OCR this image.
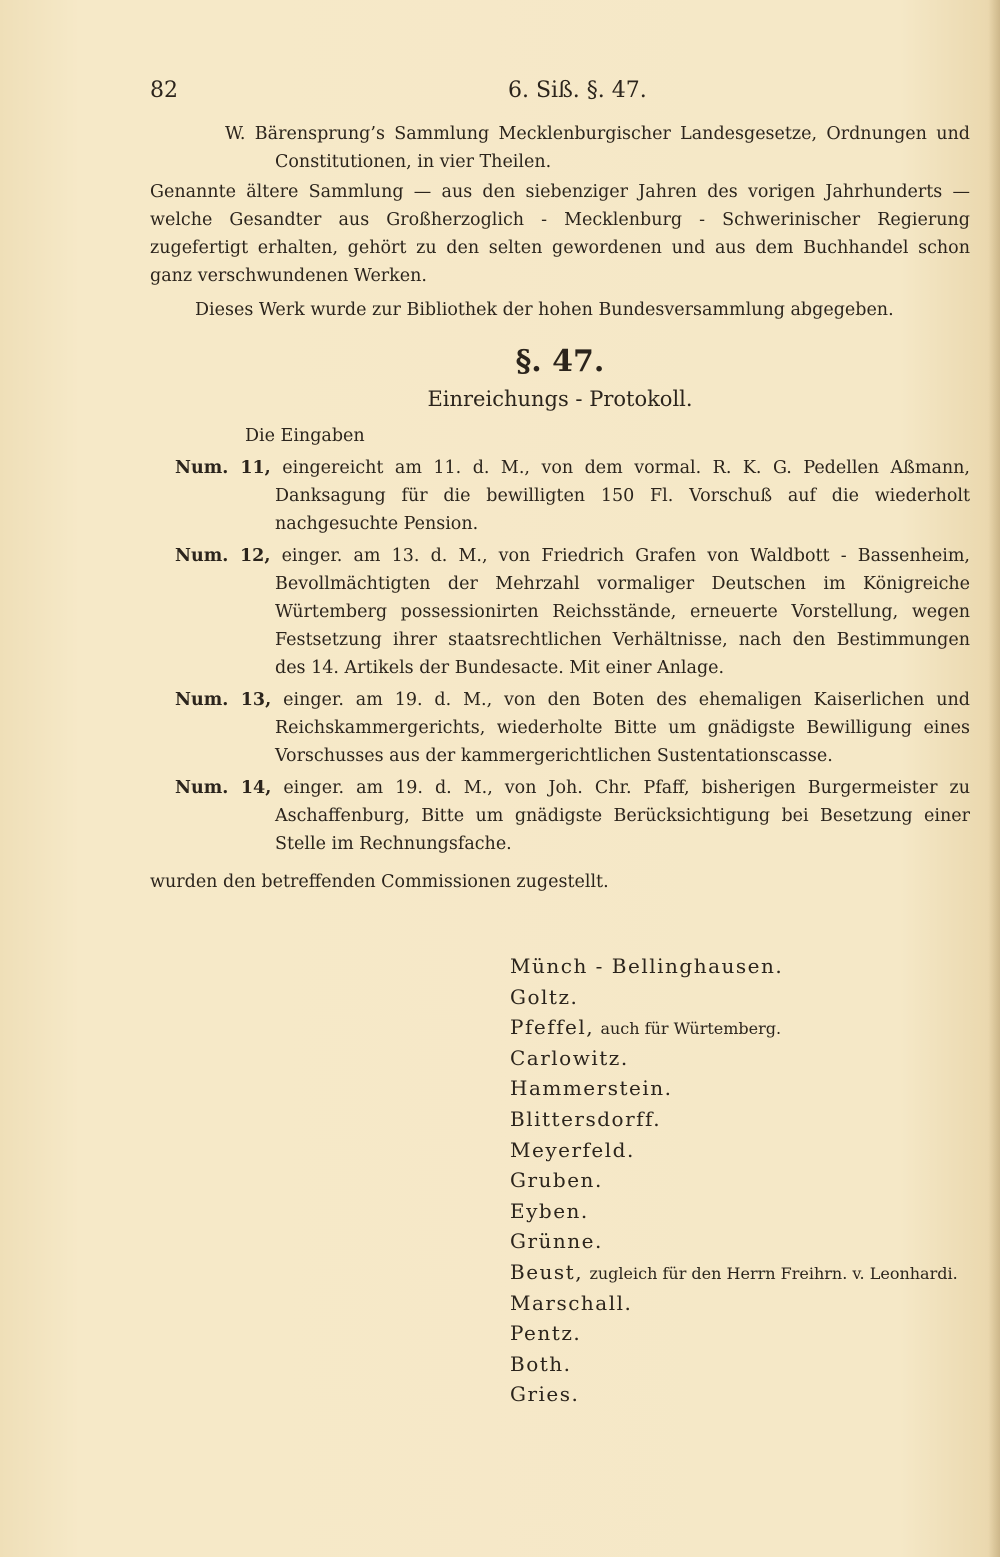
82	6. Siß. §. 47.

W. Bärensprung’s Sammlung Mecklenburgischer Landesgesetze, Ordnungen und Constitutionen, in vier Theilen.

Genannte ältere Sammlung — aus den siebenziger Jahren des vorigen Jahrhunderts — welche Gesandter aus Großherzoglich - Mecklenburg - Schwerinischer Regierung zugefertigt erhalten, gehört zu den selten gewordenen und aus dem Buchhandel schon ganz verschwundenen Werken.

Dieses Werk wurde zur Bibliothek der hohen Bundesversammlung abgegeben.

§. 47.
Einreichungs - Protokoll.

Die Eingaben

Num. 11, eingereicht am 11. d. M., von dem vormal. R. K. G. Pedellen Aßmann, Danksagung für die bewilligten 150 Fl. Vorschuß auf die wiederholt nachgesuchte Pension.

Num. 12, einger. am 13. d. M., von Friedrich Grafen von Waldbott - Bassenheim, Bevollmächtigten der Mehrzahl vormaliger Deutschen im Königreiche Würtemberg possessionirten Reichsstände, erneuerte Vorstellung, wegen Festsetzung ihrer staatsrechtlichen Verhältnisse, nach den Bestimmungen des 14. Artikels der Bundesacte. Mit einer Anlage.

Num. 13, einger. am 19. d. M., von den Boten des ehemaligen Kaiserlichen und Reichskammergerichts, wiederholte Bitte um gnädigste Bewilligung eines Vorschusses aus der kammergerichtlichen Sustentationscasse.

Num. 14, einger. am 19. d. M., von Joh. Chr. Pfaff, bisherigen Burgermeister zu Aschaffenburg, Bitte um gnädigste Berücksichtigung bei Besetzung einer Stelle im Rechnungsfache.

wurden den betreffenden Commissionen zugestellt.

Münch - Bellinghausen.
Goltz.
Pfeffel, auch für Würtemberg.
Carlowitz.
Hammerstein.
Blittersdorff.
Meyerfeld.
Gruben.
Eyben.
Grünne.
Beust, zugleich für den Herrn Freihrn. v. Leonhardi.
Marschall.
Pentz.
Both.
Gries.
